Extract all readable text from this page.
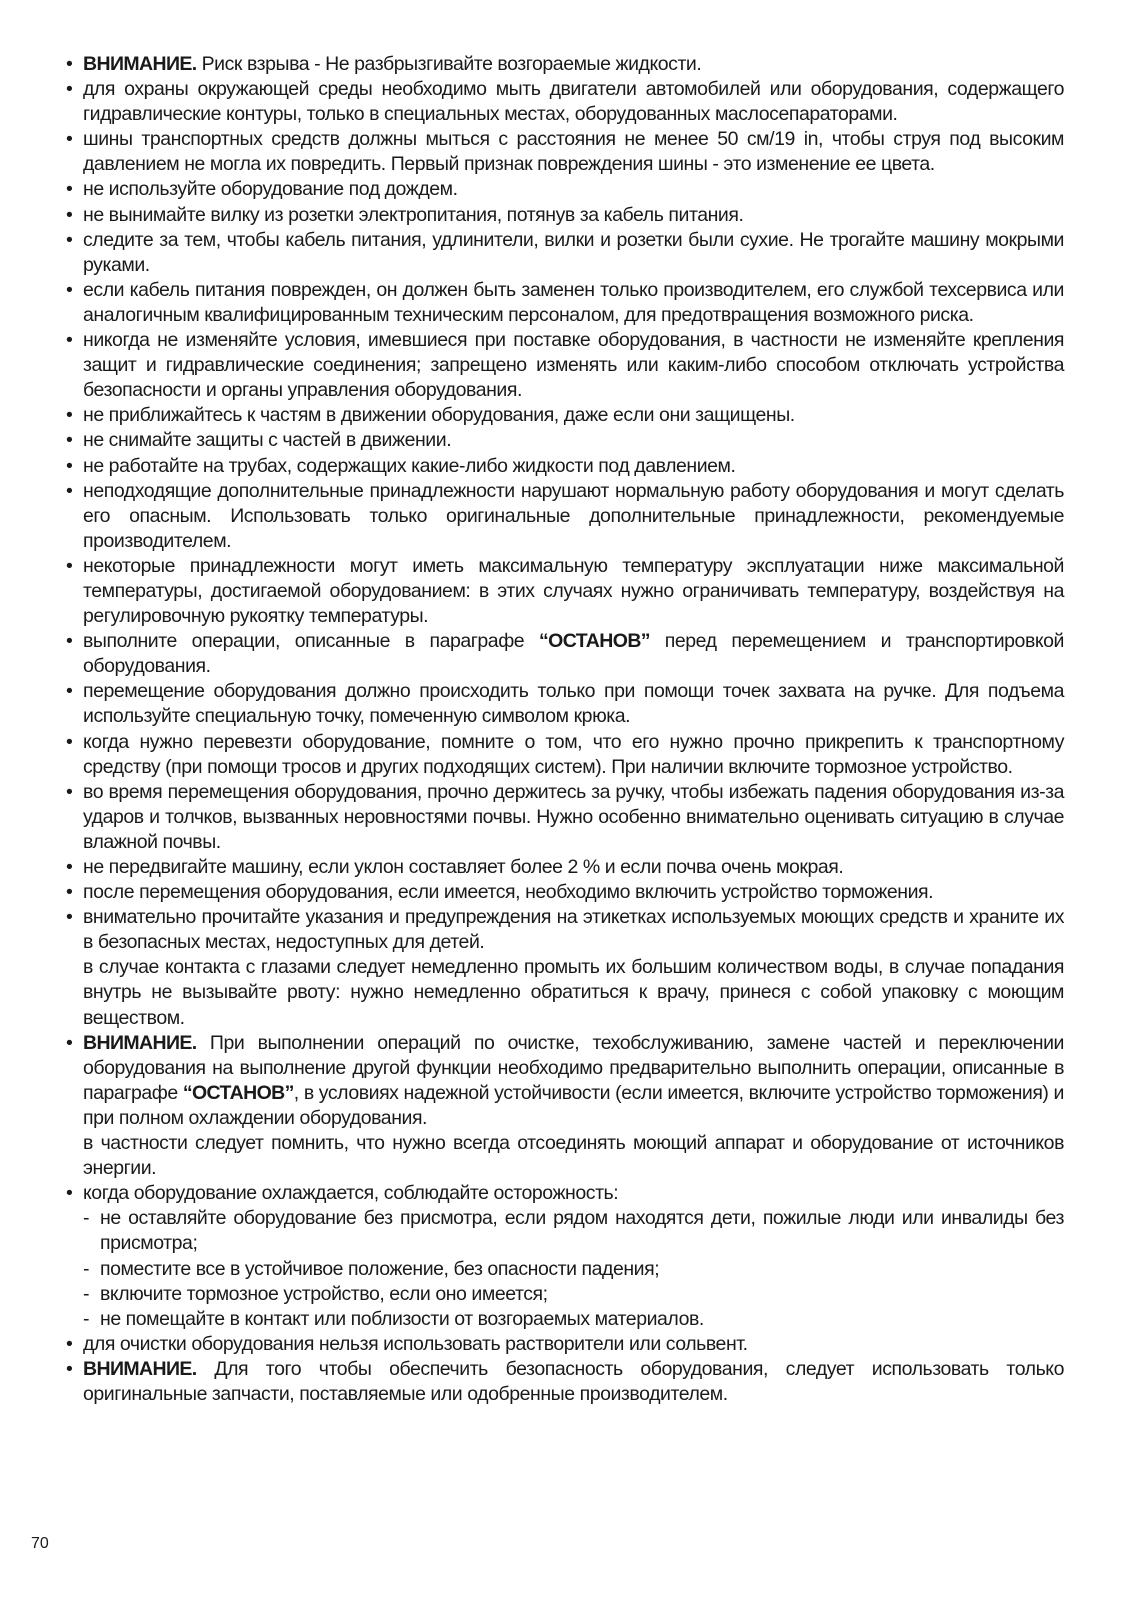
• ВНИМАНИЕ. Риск взрыва - Не разбрызгивайте возгораемые жидкости.
• для охраны окружающей среды необходимо мыть двигатели автомобилей или оборудования, содержащего гидравлические контуры, только в специальных местах, оборудованных маслосепараторами.
• шины транспортных средств должны мыться с расстояния не менее 50 см/19 in, чтобы струя под высоким давлением не могла их повредить. Первый признак повреждения шины - это изменение ее цвета.
• не используйте оборудование под дождем.
• не вынимайте вилку из розетки электропитания, потянув за кабель питания.
• следите за тем, чтобы кабель питания, удлинители, вилки и розетки были сухие. Не трогайте машину мокрыми руками.
• если кабель питания поврежден, он должен быть заменен только производителем, его службой техсервиса или аналогичным квалифицированным техническим персоналом, для предотвращения возможного риска.
• никогда не изменяйте условия, имевшиеся при поставке оборудования, в частности не изменяйте крепления защит и гидравлические соединения; запрещено изменять или каким-либо способом отключать устройства безопасности и органы управления оборудования.
• не приближайтесь к частям в движении оборудования, даже если они защищены.
• не снимайте защиты с частей в движении.
• не работайте на трубах, содержащих какие-либо жидкости под давлением.
• неподходящие дополнительные принадлежности нарушают нормальную работу оборудования и могут сделать его опасным. Использовать только оригинальные дополнительные принадлежности, рекомендуемые производителем.
• некоторые принадлежности могут иметь максимальную температуру эксплуатации ниже максимальной температуры, достигаемой оборудованием: в этих случаях нужно ограничивать температуру, воздействуя на регулировочную рукоятку температуры.
• выполните операции, описанные в параграфе “ОСТАНОВ” перед перемещением и транспортировкой оборудования.
• перемещение оборудования должно происходить только при помощи точек захвата на ручке. Для подъема используйте специальную точку, помеченную символом крюка.
• когда нужно перевезти оборудование, помните о том, что его нужно прочно прикрепить к транспортному средству (при помощи тросов и других подходящих систем). При наличии включите тормозное устройство.
• во время перемещения оборудования, прочно держитесь за ручку, чтобы избежать падения оборудования из-за ударов и толчков, вызванных неровностями почвы. Нужно особенно внимательно оценивать ситуацию в случае влажной почвы.
• не передвигайте машину, если уклон составляет более 2 % и если почва очень мокрая.
• после перемещения оборудования, если имеется, необходимо включить устройство торможения.
• внимательно прочитайте указания и предупреждения на этикетках используемых моющих средств и храните их в безопасных местах, недоступных для детей.
в случае контакта с глазами следует немедленно промыть их большим количеством воды, в случае попадания внутрь не вызывайте рвоту: нужно немедленно обратиться к врачу, принеся с собой упаковку с моющим веществом.
• ВНИМАНИЕ. При выполнении операций по очистке, техобслуживанию, замене частей и переключении оборудования на выполнение другой функции необходимо предварительно выполнить операции, описанные в параграфе “ОСТАНОВ”, в условиях надежной устойчивости (если имеется, включите устройство торможения) и при полном охлаждении оборудования.
в частности следует помнить, что нужно всегда отсоединять моющий аппарат и оборудование от источников энергии.
• когда оборудование охлаждается, соблюдайте осторожность:
- не оставляйте оборудование без присмотра, если рядом находятся дети, пожилые люди или инвалиды без присмотра;
- поместите все в устойчивое положение, без опасности падения;
- включите тормозное устройство, если оно имеется;
- не помещайте в контакт или поблизости от возгораемых материалов.
• для очистки оборудования нельзя использовать растворители или сольвент.
• ВНИМАНИЕ. Для того чтобы обеспечить безопасность оборудования, следует использовать только оригинальные запчасти, поставляемые или одобренные производителем.
70
